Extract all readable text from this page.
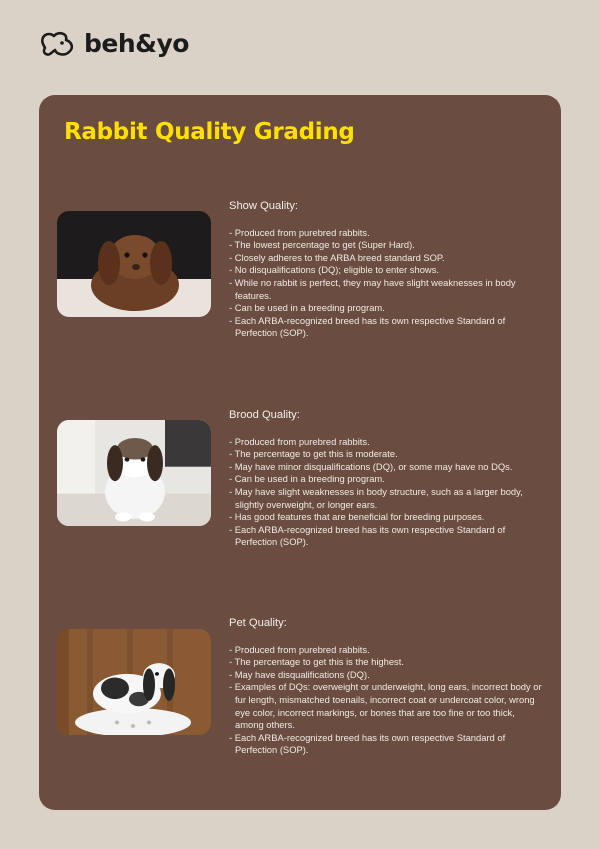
beh&yo
Rabbit Quality Grading
Show Quality:
- Produced from purebred rabbits.
- The lowest percentage to get (Super Hard).
- Closely adheres to the ARBA breed standard SOP.
- No disqualifications (DQ); eligible to enter shows.
- While no rabbit is perfect, they may have slight weaknesses in body features.
- Can be used in a breeding program.
- Each ARBA-recognized breed has its own respective Standard of Perfection (SOP).
Brood Quality:
- Produced from purebred rabbits.
- The percentage to get this is moderate.
- May have minor disqualifications (DQ), or some may have no DQs.
- Can be used in a breeding program.
- May have slight weaknesses in body structure, such as a larger body, slightly overweight, or longer ears.
- Has good features that are beneficial for breeding purposes.
- Each ARBA-recognized breed has its own respective Standard of Perfection (SOP).
Pet Quality:
- Produced from purebred rabbits.
- The percentage to get this is the highest.
- May have disqualifications (DQ).
- Examples of DQs: overweight or underweight, long ears, incorrect body or fur length, mismatched toenails, incorrect coat or undercoat color, wrong eye color, incorrect markings, or bones that are too fine or too thick, among others.
- Each ARBA-recognized breed has its own respective Standard of Perfection (SOP).
